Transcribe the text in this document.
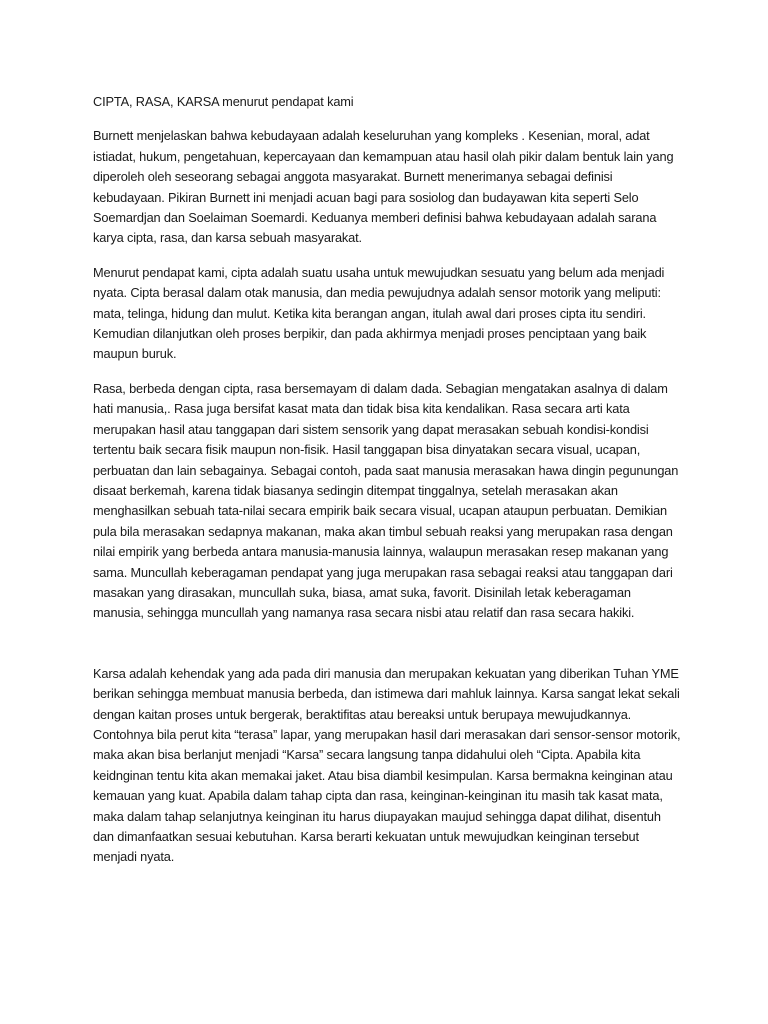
CIPTA, RASA, KARSA menurut pendapat kami

Burnett menjelaskan bahwa kebudayaan adalah keseluruhan yang kompleks . Kesenian, moral, adat istiadat, hukum, pengetahuan, kepercayaan dan kemampuan atau hasil olah pikir dalam bentuk lain yang diperoleh oleh seseorang sebagai anggota masyarakat. Burnett menerimanya sebagai definisi kebudayaan. Pikiran Burnett ini menjadi acuan bagi para sosiolog dan budayawan kita seperti Selo Soemardjan dan Soelaiman Soemardi. Keduanya memberi definisi bahwa kebudayaan adalah sarana karya cipta, rasa, dan karsa sebuah masyarakat.

Menurut pendapat kami, cipta adalah suatu usaha untuk mewujudkan sesuatu yang belum ada menjadi nyata. Cipta berasal dalam otak manusia, dan media pewujudnya adalah sensor motorik yang meliputi: mata, telinga, hidung dan mulut. Ketika kita berangan angan, itulah awal dari proses cipta itu sendiri. Kemudian dilanjutkan oleh proses berpikir, dan pada akhirmya menjadi proses penciptaan yang baik maupun buruk.

Rasa, berbeda dengan cipta, rasa bersemayam di dalam dada. Sebagian mengatakan asalnya di dalam hati manusia,. Rasa juga bersifat kasat mata dan tidak bisa kita kendalikan. Rasa secara arti kata merupakan hasil atau tanggapan dari sistem sensorik yang dapat merasakan sebuah kondisi-kondisi tertentu baik secara fisik maupun non-fisik. Hasil tanggapan bisa dinyatakan secara visual, ucapan, perbuatan dan lain sebagainya. Sebagai contoh, pada saat manusia merasakan hawa dingin pegunungan disaat berkemah, karena tidak biasanya sedingin ditempat tinggalnya, setelah merasakan akan menghasilkan sebuah tata-nilai secara empirik baik secara visual, ucapan ataupun perbuatan. Demikian pula bila merasakan sedapnya makanan, maka akan timbul sebuah reaksi yang merupakan rasa dengan nilai empirik yang berbeda antara manusia-manusia lainnya, walaupun merasakan resep makanan yang sama. Muncullah keberagaman pendapat yang juga merupakan rasa sebagai reaksi atau tanggapan dari masakan yang dirasakan, muncullah suka, biasa, amat suka, favorit. Disinilah letak keberagaman manusia, sehingga muncullah yang namanya rasa secara nisbi atau relatif dan rasa secara hakiki.

Karsa adalah kehendak yang ada pada diri manusia dan merupakan kekuatan yang diberikan Tuhan YME berikan sehingga membuat manusia berbeda, dan istimewa dari mahluk lainnya. Karsa sangat lekat sekali dengan kaitan proses untuk bergerak, beraktifitas atau bereaksi untuk berupaya mewujudkannya. Contohnya bila perut kita “terasa” lapar, yang merupakan hasil dari merasakan dari sensor-sensor motorik, maka akan bisa berlanjut menjadi “Karsa” secara langsung tanpa didahului oleh “Cipta. Apabila kita keidnginan tentu kita akan memakai jaket. Atau bisa diambil kesimpulan. Karsa bermakna keinginan atau kemauan yang kuat. Apabila dalam tahap cipta dan rasa, keinginan-keinginan itu masih tak kasat mata, maka dalam tahap selanjutnya keinginan itu harus diupayakan maujud sehingga dapat dilihat, disentuh dan dimanfaatkan sesuai kebutuhan. Karsa berarti kekuatan untuk mewujudkan keinginan tersebut menjadi nyata.
